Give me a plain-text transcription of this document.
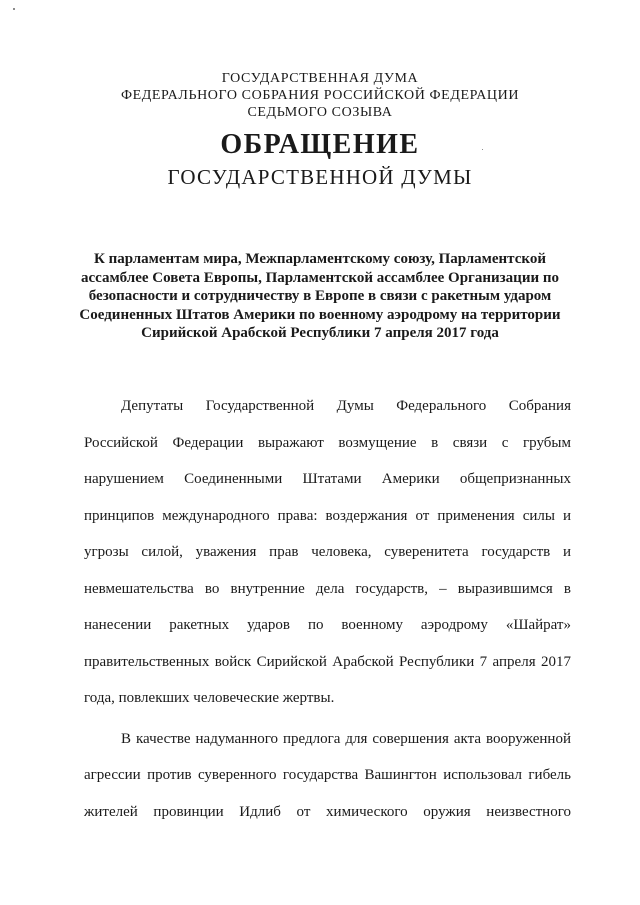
ГОСУДАРСТВЕННАЯ ДУМА
ФЕДЕРАЛЬНОГО СОБРАНИЯ РОССИЙСКОЙ ФЕДЕРАЦИИ
СЕДЬМОГО СОЗЫВА
ОБРАЩЕНИЕ
ГОСУДАРСТВЕННОЙ ДУМЫ
К парламентам мира, Межпарламентскому союзу, Парламентской
ассамблее Совета Европы, Парламентской ассамблее Организации по
безопасности и сотрудничеству в Европе в связи с ракетным ударом
Соединенных Штатов Америки по военному аэродрому на территории
Сирийской Арабской Республики 7 апреля 2017 года
Депутаты Государственной Думы Федерального Собрания
Российской Федерации выражают возмущение в связи с грубым
нарушением Соединенными Штатами Америки общепризнанных
принципов международного права: воздержания от применения силы и
угрозы силой, уважения прав человека, суверенитета государств и
невмешательства во внутренние дела государств, – выразившимся в
нанесении ракетных ударов по военному аэродрому «Шайрат»
правительственных войск Сирийской Арабской Республики 7 апреля 2017
года, повлекших человеческие жертвы.
В качестве надуманного предлога для совершения акта вооруженной
агрессии против суверенного государства Вашингтон использовал гибель
жителей провинции Идлиб от химического оружия неизвестного
